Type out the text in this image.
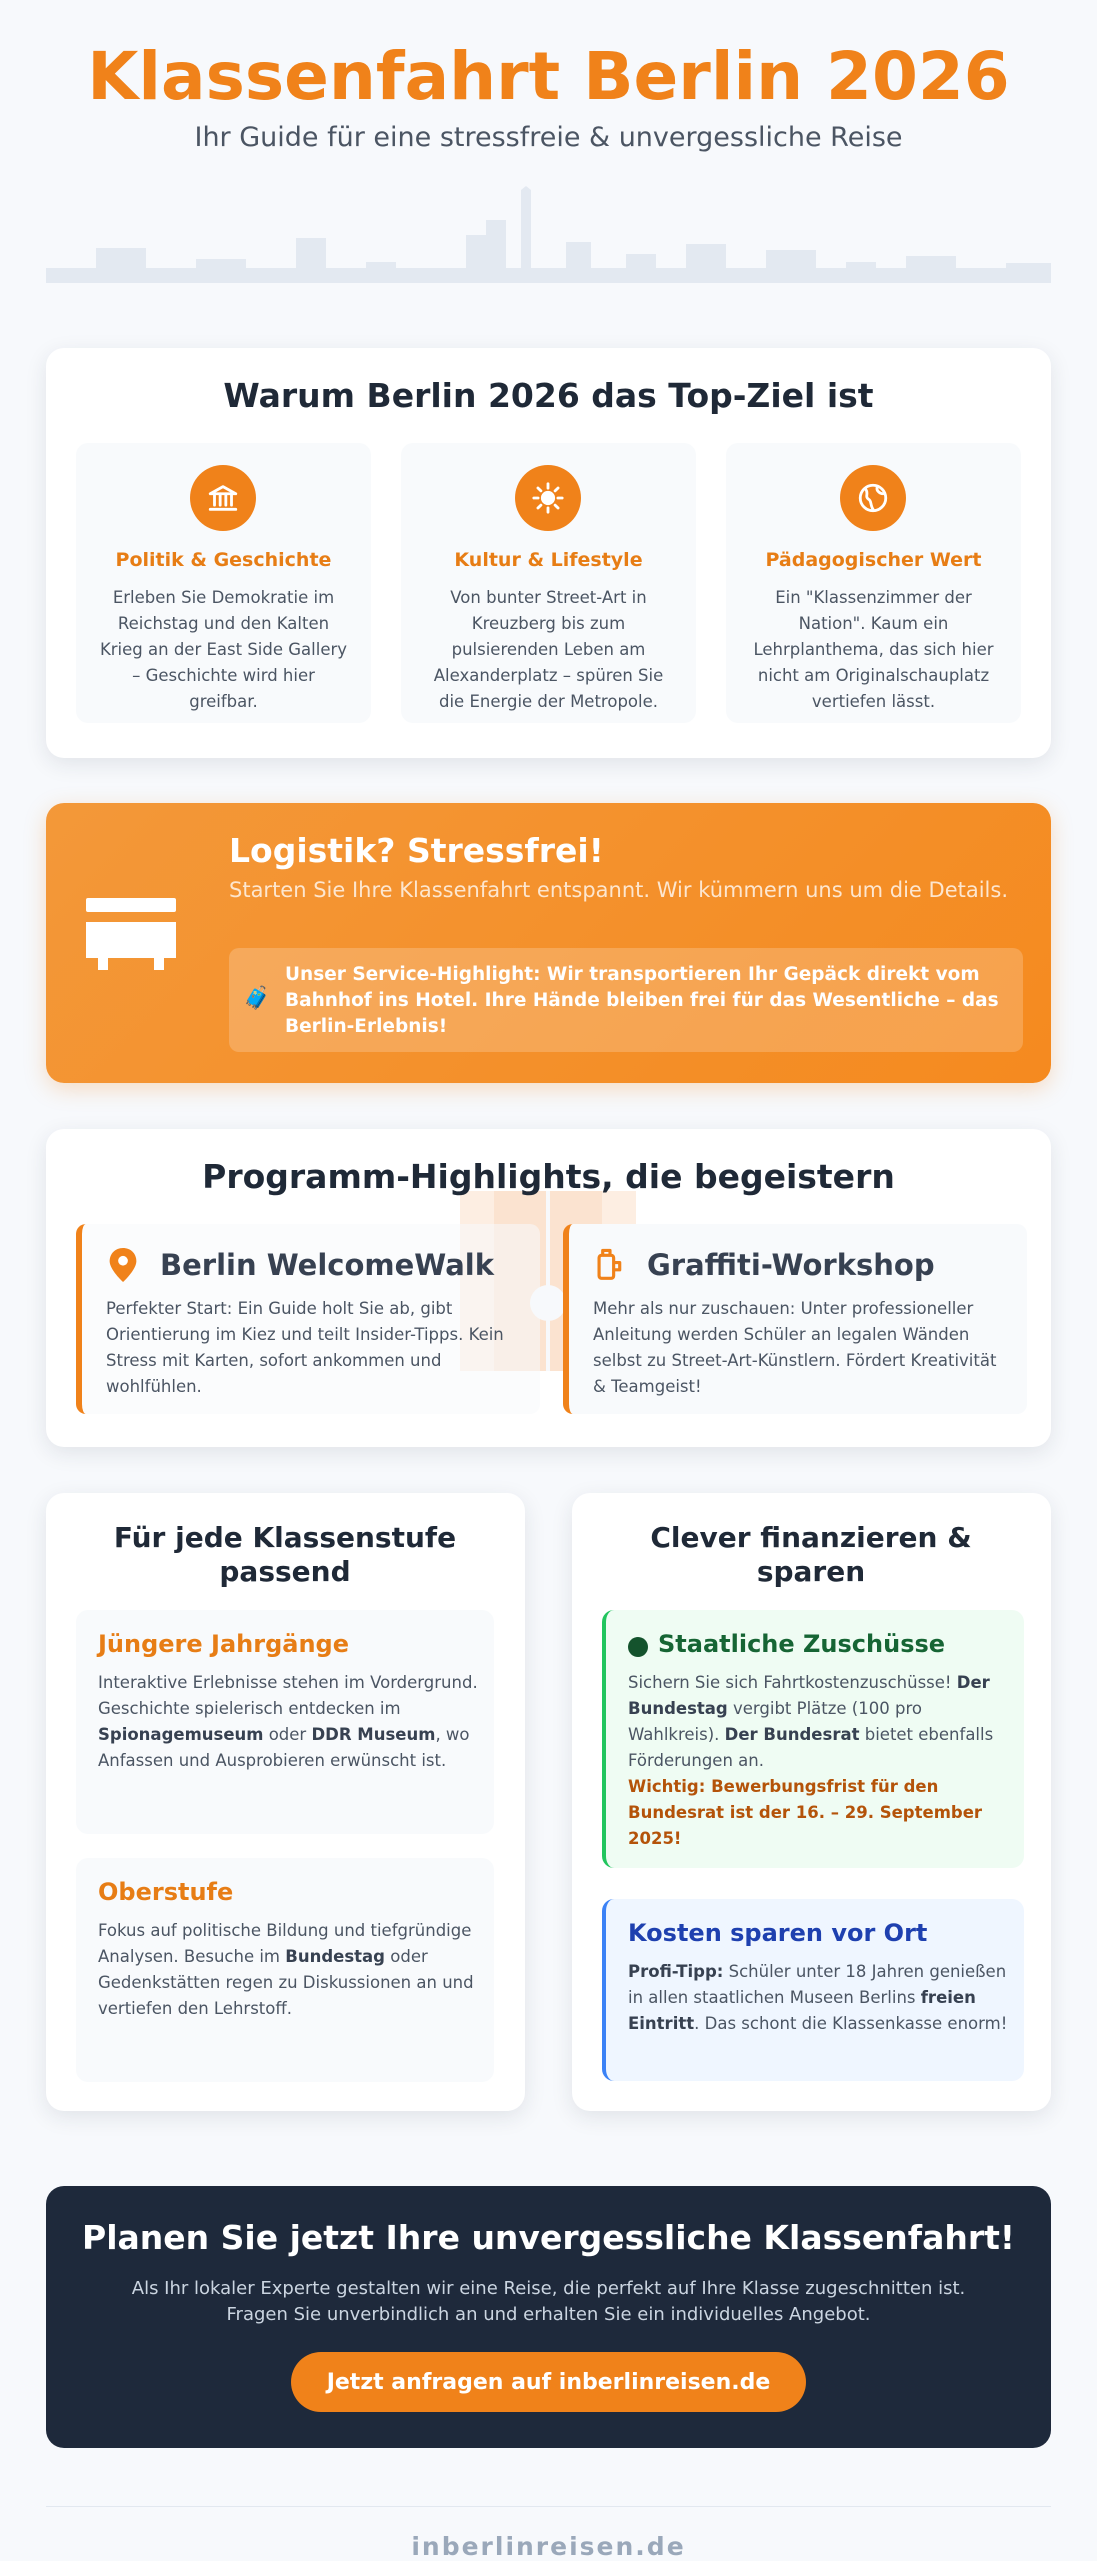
Klassenfahrt Berlin 2026
Ihr Guide für eine stressfreie & unvergessliche Reise
Warum Berlin 2026 das Top-Ziel ist
Politik & Geschichte
Erleben Sie Demokratie im Reichstag und den Kalten Krieg an der East Side Gallery – Geschichte wird hier greifbar.
Kultur & Lifestyle
Von bunter Street-Art in Kreuzberg bis zum pulsierenden Leben am Alexanderplatz – spüren Sie die Energie der Metropole.
Pädagogischer Wert
Ein "Klassenzimmer der Nation". Kaum ein Lehrplanthema, das sich hier nicht am Originalschauplatz vertiefen lässt.
Logistik? Stressfrei!
Starten Sie Ihre Klassenfahrt entspannt. Wir kümmern uns um die Details.
🧳
Unser Service-Highlight: Wir transportieren Ihr Gepäck direkt vom Bahnhof ins Hotel. Ihre Hände bleiben frei für das Wesentliche – das Berlin-Erlebnis!
Programm-Highlights, die begeistern
Berlin WelcomeWalk
Perfekter Start: Ein Guide holt Sie ab, gibt Orientierung im Kiez und teilt Insider-Tipps. Kein Stress mit Karten, sofort ankommen und wohlfühlen.
Graffiti-Workshop
Mehr als nur zuschauen: Unter professioneller Anleitung werden Schüler an legalen Wänden selbst zu Street-Art-Künstlern. Fördert Kreativität & Teamgeist!
Für jede Klassenstufe passend
Jüngere Jahrgänge
Interaktive Erlebnisse stehen im Vordergrund. Geschichte spielerisch entdecken im Spionagemuseum oder DDR Museum, wo Anfassen und Ausprobieren erwünscht ist.
Oberstufe
Fokus auf politische Bildung und tiefgründige Analysen. Besuche im Bundestag oder Gedenkstätten regen zu Diskussionen an und vertiefen den Lehrstoff.
Clever finanzieren & sparen
Staatliche Zuschüsse
Sichern Sie sich Fahrtkostenzuschüsse! Der Bundestag vergibt Plätze (100 pro Wahlkreis). Der Bundesrat bietet ebenfalls Förderungen an.
Wichtig: Bewerbungsfrist für den Bundesrat ist der 16. – 29. September 2025!
Kosten sparen vor Ort
Profi-Tipp: Schüler unter 18 Jahren genießen in allen staatlichen Museen Berlins freien Eintritt. Das schont die Klassenkasse enorm!
Planen Sie jetzt Ihre unvergessliche Klassenfahrt!
Als Ihr lokaler Experte gestalten wir eine Reise, die perfekt auf Ihre Klasse zugeschnitten ist. Fragen Sie unverbindlich an und erhalten Sie ein individuelles Angebot.
Jetzt anfragen auf inberlinreisen.de
inberlinreisen.de
